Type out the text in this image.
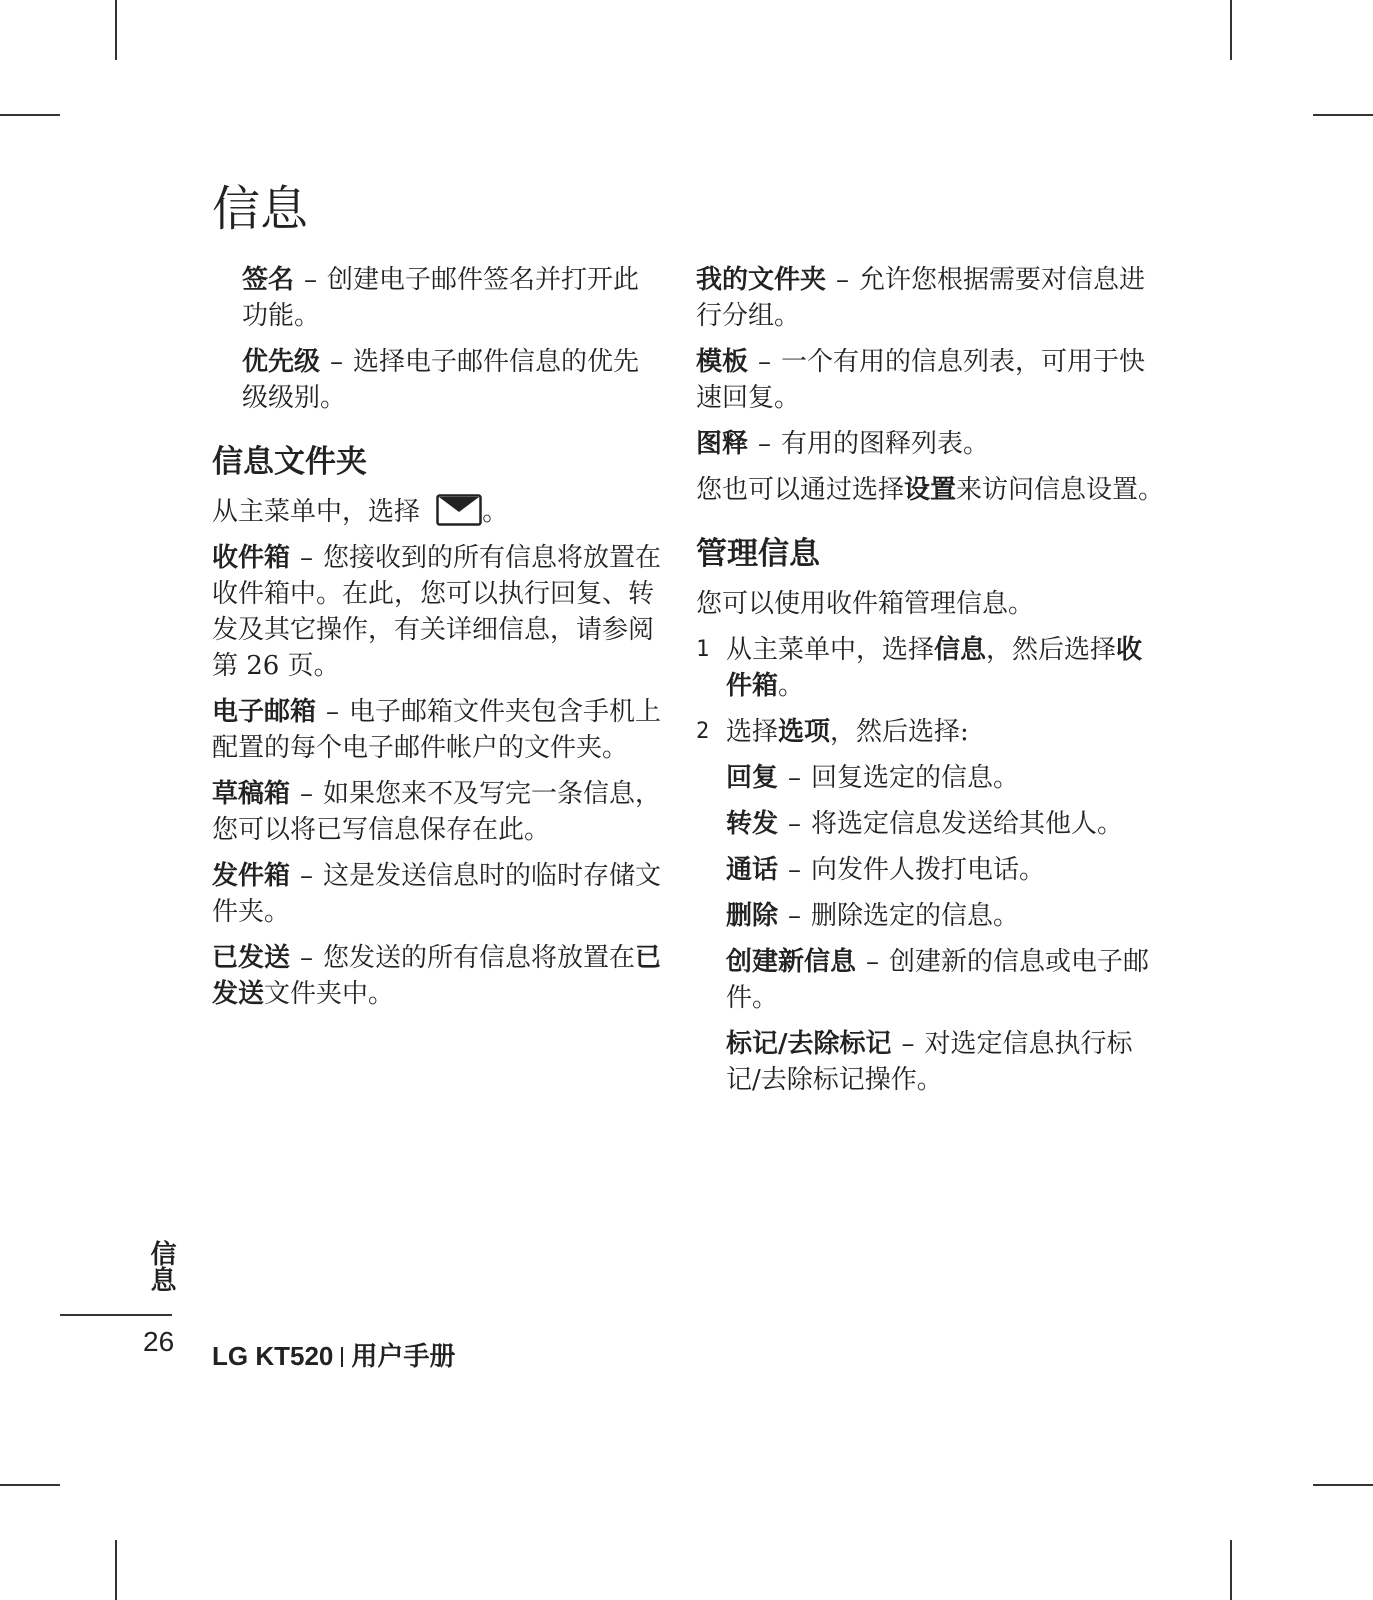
信息

签名 – 创建电子邮件签名并打开此功能。

优先级 – 选择电子邮件信息的优先级级别。

信息文件夹

从主菜单中，选择 。

收件箱 – 您接收到的所有信息将放置在收件箱中。在此，您可以执行回复、转发及其它操作，有关详细信息，请参阅第 26 页。

电子邮箱 – 电子邮箱文件夹包含手机上配置的每个电子邮件帐户的文件夹。

草稿箱 – 如果您来不及写完一条信息，您可以将已写信息保存在此。

发件箱 – 这是发送信息时的临时存储文件夹。

已发送 – 您发送的所有信息将放置在已发送文件夹中。

我的文件夹 – 允许您根据需要对信息进行分组。

模板 – 一个有用的信息列表，可用于快速回复。

图释 – 有用的图释列表。

您也可以通过选择设置来访问信息设置。

管理信息

您可以使用收件箱管理信息。

1 从主菜单中，选择信息，然后选择收件箱。
2 选择选项，然后选择:

回复 – 回复选定的信息。

转发 – 将选定信息发送给其他人。

通话 – 向发件人拨打电话。

删除 – 删除选定的信息。

创建新信息 – 创建新的信息或电子邮件。

标记/去除标记 – 对选定信息执行标记/去除标记操作。

信息
26 LG KT520 用户手册
